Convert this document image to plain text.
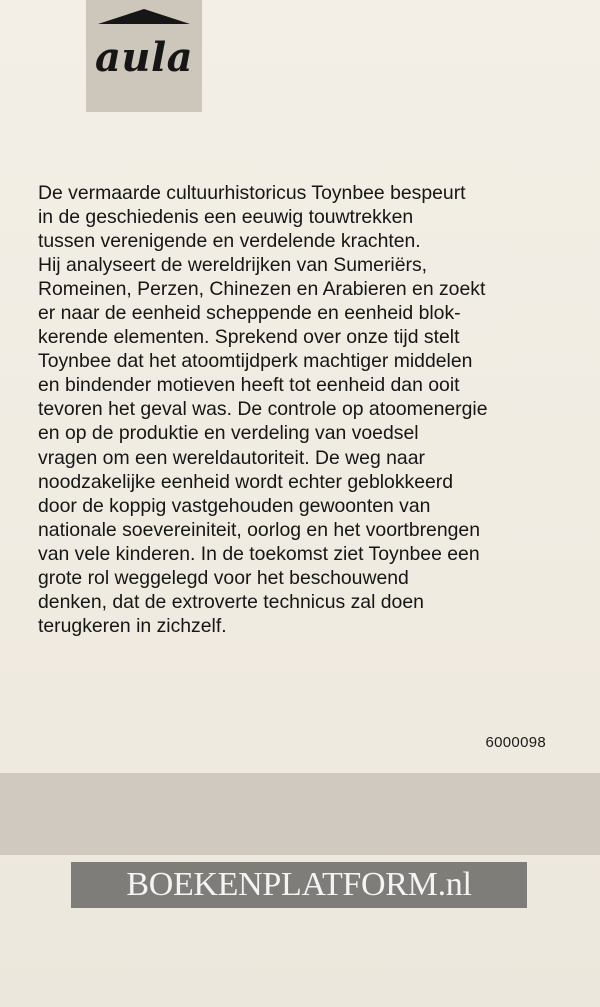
aula

De vermaarde cultuurhistoricus Toynbee bespeurt
in de geschiedenis een eeuwig touwtrekken
tussen verenigende en verdelende krachten.
Hij analyseert de wereldrijken van Sumeriërs,
Romeinen, Perzen, Chinezen en Arabieren en zoekt
er naar de eenheid scheppende en eenheid blok-
kerende elementen. Sprekend over onze tijd stelt
Toynbee dat het atoomtijdperk machtiger middelen
en bindender motieven heeft tot eenheid dan ooit
tevoren het geval was. De controle op atoomenergie
en op de produktie en verdeling van voedsel
vragen om een wereldautoriteit. De weg naar
noodzakelijke eenheid wordt echter geblokkeerd
door de koppig vastgehouden gewoonten van
nationale soevereiniteit, oorlog en het voortbrengen
van vele kinderen. In de toekomst ziet Toynbee een
grote rol weggelegd voor het beschouwend
denken, dat de extroverte technicus zal doen
terugkeren in zichzelf.

6000098
BOEKENPLATFORM.nl
